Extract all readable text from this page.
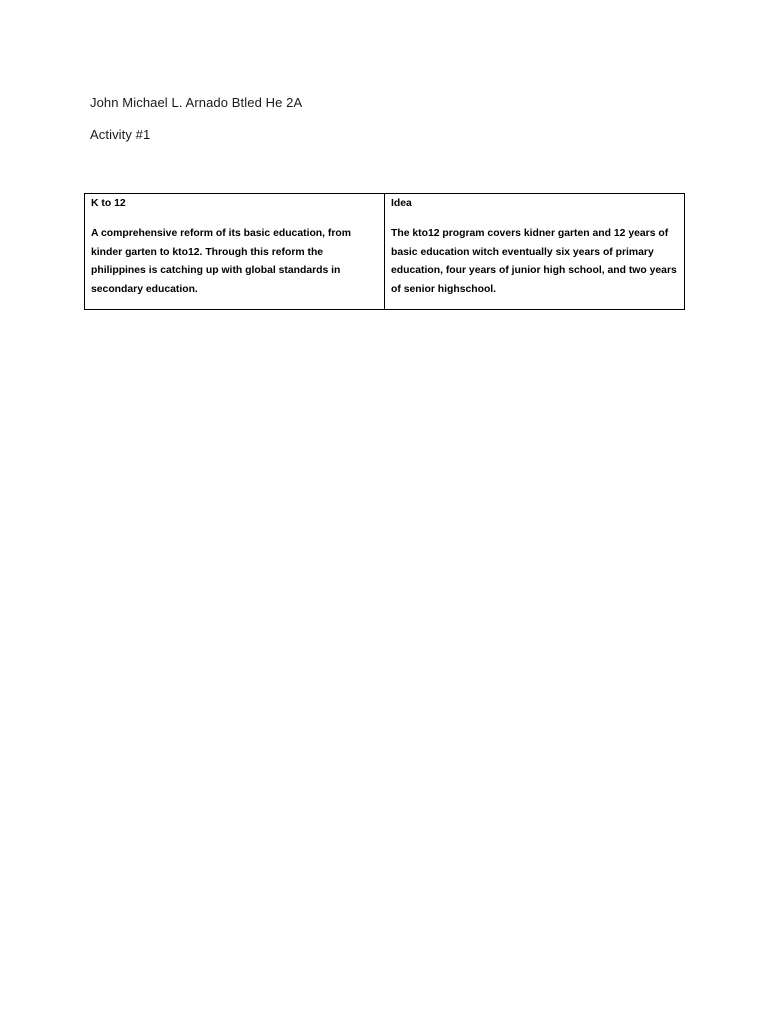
John Michael L. Arnado Btled He 2A
Activity #1
K to 12
A comprehensive reform of its basic education, from kinder garten to kto12. Through this reform the philippines is catching up with global standards in secondary education.
Idea
The kto12 program covers kidner garten and 12 years of basic education witch eventually six years of primary education, four years of junior high school, and two years of senior highschool.
